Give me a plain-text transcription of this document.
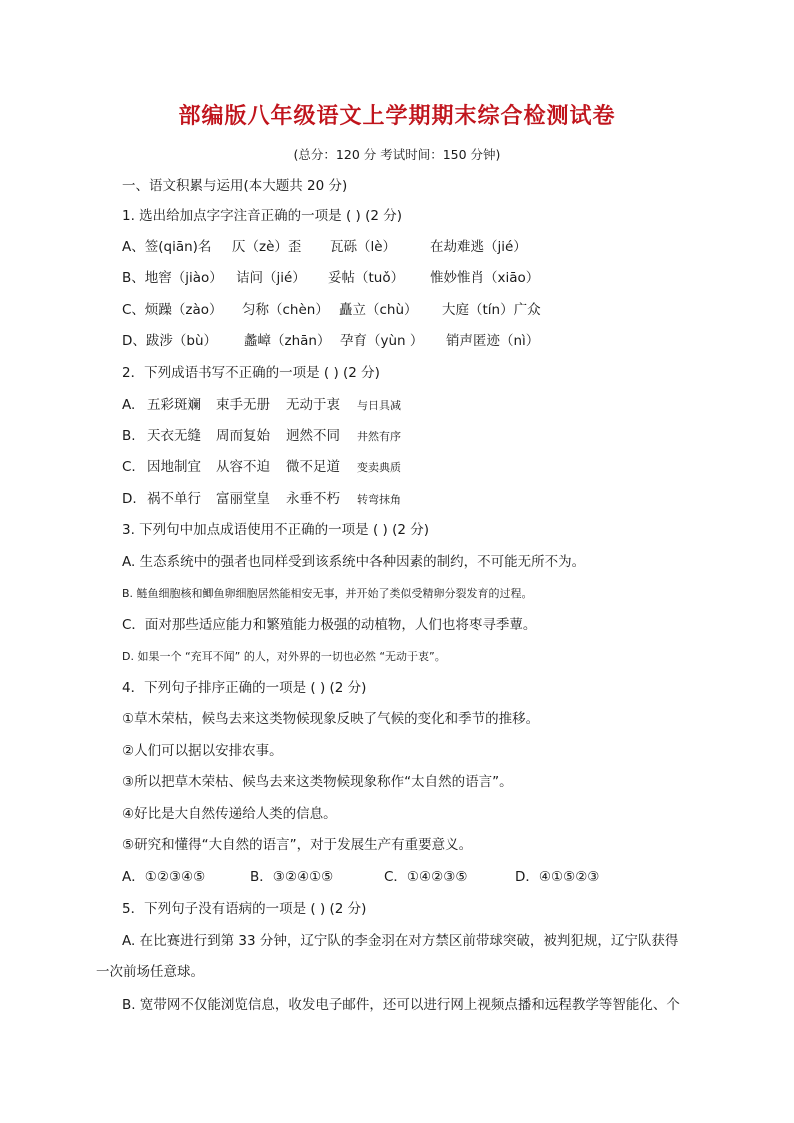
部编版八年级语文上学期期末综合检测试卷
(总分：120 分 考试时间：150 分钟)
一、语文积累与运用(本大题共 20 分)
1. 选出给加点字字注音正确的一项是 ( ) (2 分)
A、签(qiān)名 仄（zè）歪 瓦砾（lè）	在劫难逃（jié）
B、地窖（jiào） 诘问（jié） 妥帖（tuǒ） 惟妙惟肖（xiāo）
C、烦躁（zào） 匀称（chèn） 矗立（chù） 大庭（tín）广众
D、跋涉（bù） 蠡嶂（zhān） 孕育（yùn ） 销声匿迹（nì）
2．下列成语书写不正确的一项是 ( ) (2 分)
A. 五彩斑斓 束手无册 无动于衷 与日具减
B. 天衣无缝 周而复始 迥然不同 井然有序
C. 因地制宜 从容不迫 微不足道 变卖典质
D. 祸不单行 富丽堂皇 永垂不朽 转弯抹角
3. 下列句中加点成语使用不正确的一项是 ( ) (2 分)
A. 生态系统中的强者也同样受到该系统中各种因素的制约，不可能无所不为。
B. 鲢鱼细胞核和鲫鱼卵细胞居然能相安无事，并开始了类似受精卵分裂发育的过程。
C．面对那些适应能力和繁殖能力极强的动植物，人们也将枣寻季蕈。
D. 如果一个 “充耳不闻” 的人，对外界的一切也必然 “无动于衷”。
4．下列句子排序正确的一项是 ( ) (2 分)
①草木荣枯，候鸟去来这类物候现象反映了气候的变化和季节的推移。
②人们可以据以安排农事。
③所以把草木荣枯、候鸟去来这类物候现象称作“太自然的语言”。
④好比是大自然传递给人类的信息。
⑤研究和懂得“大自然的语言”，对于发展生产有重要意义。
A．①②③④⑤	B．③②④①⑤	C．①④②③⑤	D．④①⑤②③
5．下列句子没有语病的一项是 ( ) (2 分)
A. 在比赛进行到第 33 分钟，辽宁队的李金羽在对方禁区前带球突破，被判犯规，辽宁队获得
一次前场任意球。
B. 宽带网不仅能浏览信息，收发电子邮件，还可以进行网上视频点播和远程教学等智能化、个
